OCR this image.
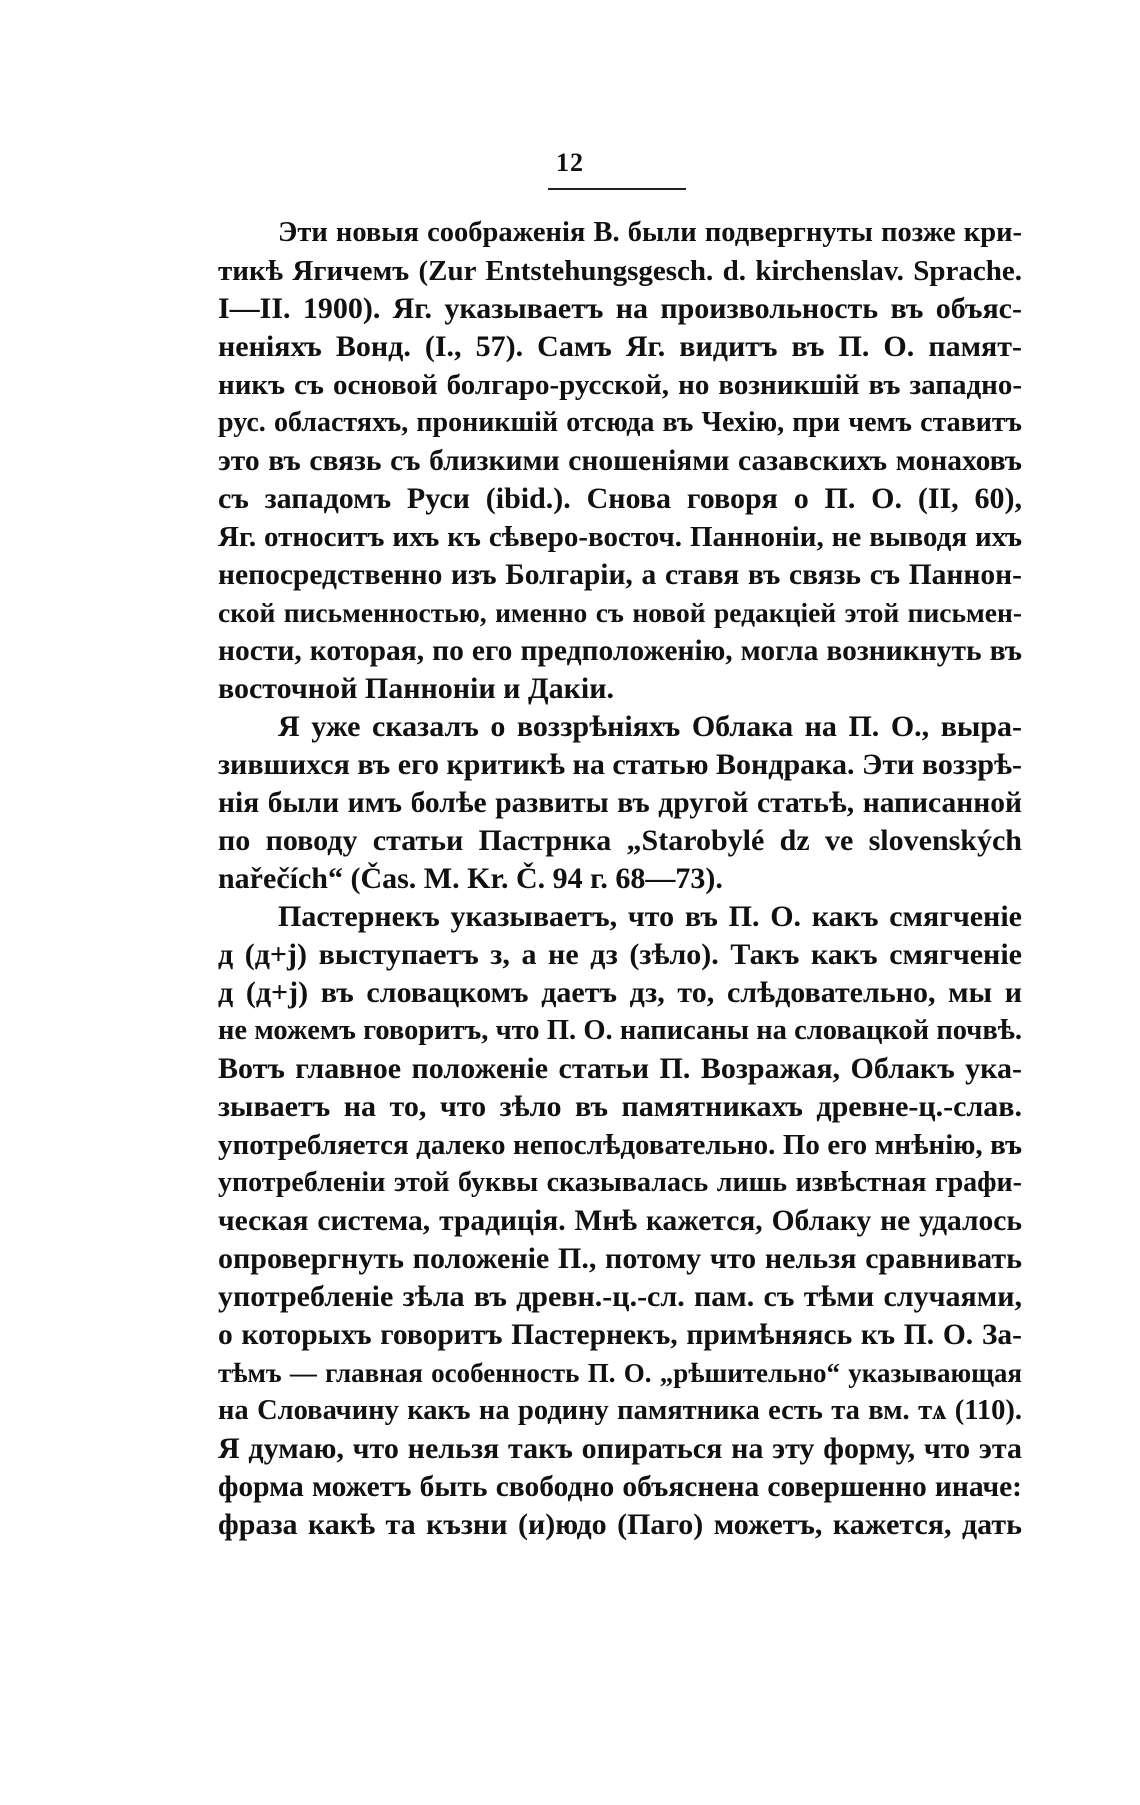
12
Эти новыя соображенія В. были подвергнуты позже кри-
тикѣ Ягичемъ (Zur Entstehungsgesch. d. kirchenslav. Sprache.
I—II. 1900). Яг. указываетъ на произвольность въ объяс-
неніяхъ Вонд. (I., 57). Самъ Яг. видитъ въ П. О. памят-
никъ съ основой болгаро-русской, но возникшій въ западно-
рус. областяхъ, проникшій отсюда въ Чехію, при чемъ ставитъ
это въ связь съ близкими сношеніями сазавскихъ монаховъ
съ западомъ Руси (ibid.). Снова говоря о П. О. (II, 60),
Яг. относитъ ихъ къ сѣверо-восточ. Панноніи, не выводя ихъ
непосредственно изъ Болгаріи, а ставя въ связь съ Паннон-
ской письменностью, именно съ новой редакціей этой письмен-
ности, которая, по его предположенію, могла возникнуть въ
восточной Панноніи и Дакіи.
Я уже сказалъ о воззрѣніяхъ Облака на П. О., выра-
зившихся въ его критикѣ на статью Вондрака. Эти воззрѣ-
нія были имъ болѣе развиты въ другой статьѣ, написанной
по поводу статьи Пастрнка „Starobylé dz ve slovenských
nařečích“ (Čas. M. Kr. Č. 94 г. 68—73).
Пастернекъ указываетъ, что въ П. О. какъ смягченіе
д (д+j) выступаетъ з, а не дз (зѣло). Такъ какъ смягченіе
д (д+j) въ словацкомъ даетъ дз, то, слѣдовательно, мы и
не можемъ говоритъ, что П. О. написаны на словацкой почвѣ.
Вотъ главное положеніе статьи П. Возражая, Облакъ ука-
зываетъ на то, что зѣло въ памятникахъ древне-ц.-слав.
употребляется далеко непослѣдовательно. По его мнѣнію, въ
употребленіи этой буквы сказывалась лишь извѣстная графи-
ческая система, традиція. Мнѣ кажется, Облаку не удалось
опровергнуть положеніе П., потому что нельзя сравнивать
употребленіе зѣла въ древн.-ц.-сл. пам. съ тѣми случаями,
о которыхъ говоритъ Пастернекъ, примѣняясь къ П. О. За-
тѣмъ — главная особенность П. О. „рѣшительно“ указывающая
на Словачину какъ на родину памятника есть та вм. тѧ (110).
Я думаю, что нельзя такъ опираться на эту форму, что эта
форма можетъ быть свободно объяснена совершенно иначе:
фраза какѣ та къзни (и)юдо (Паго) можетъ, кажется, дать
